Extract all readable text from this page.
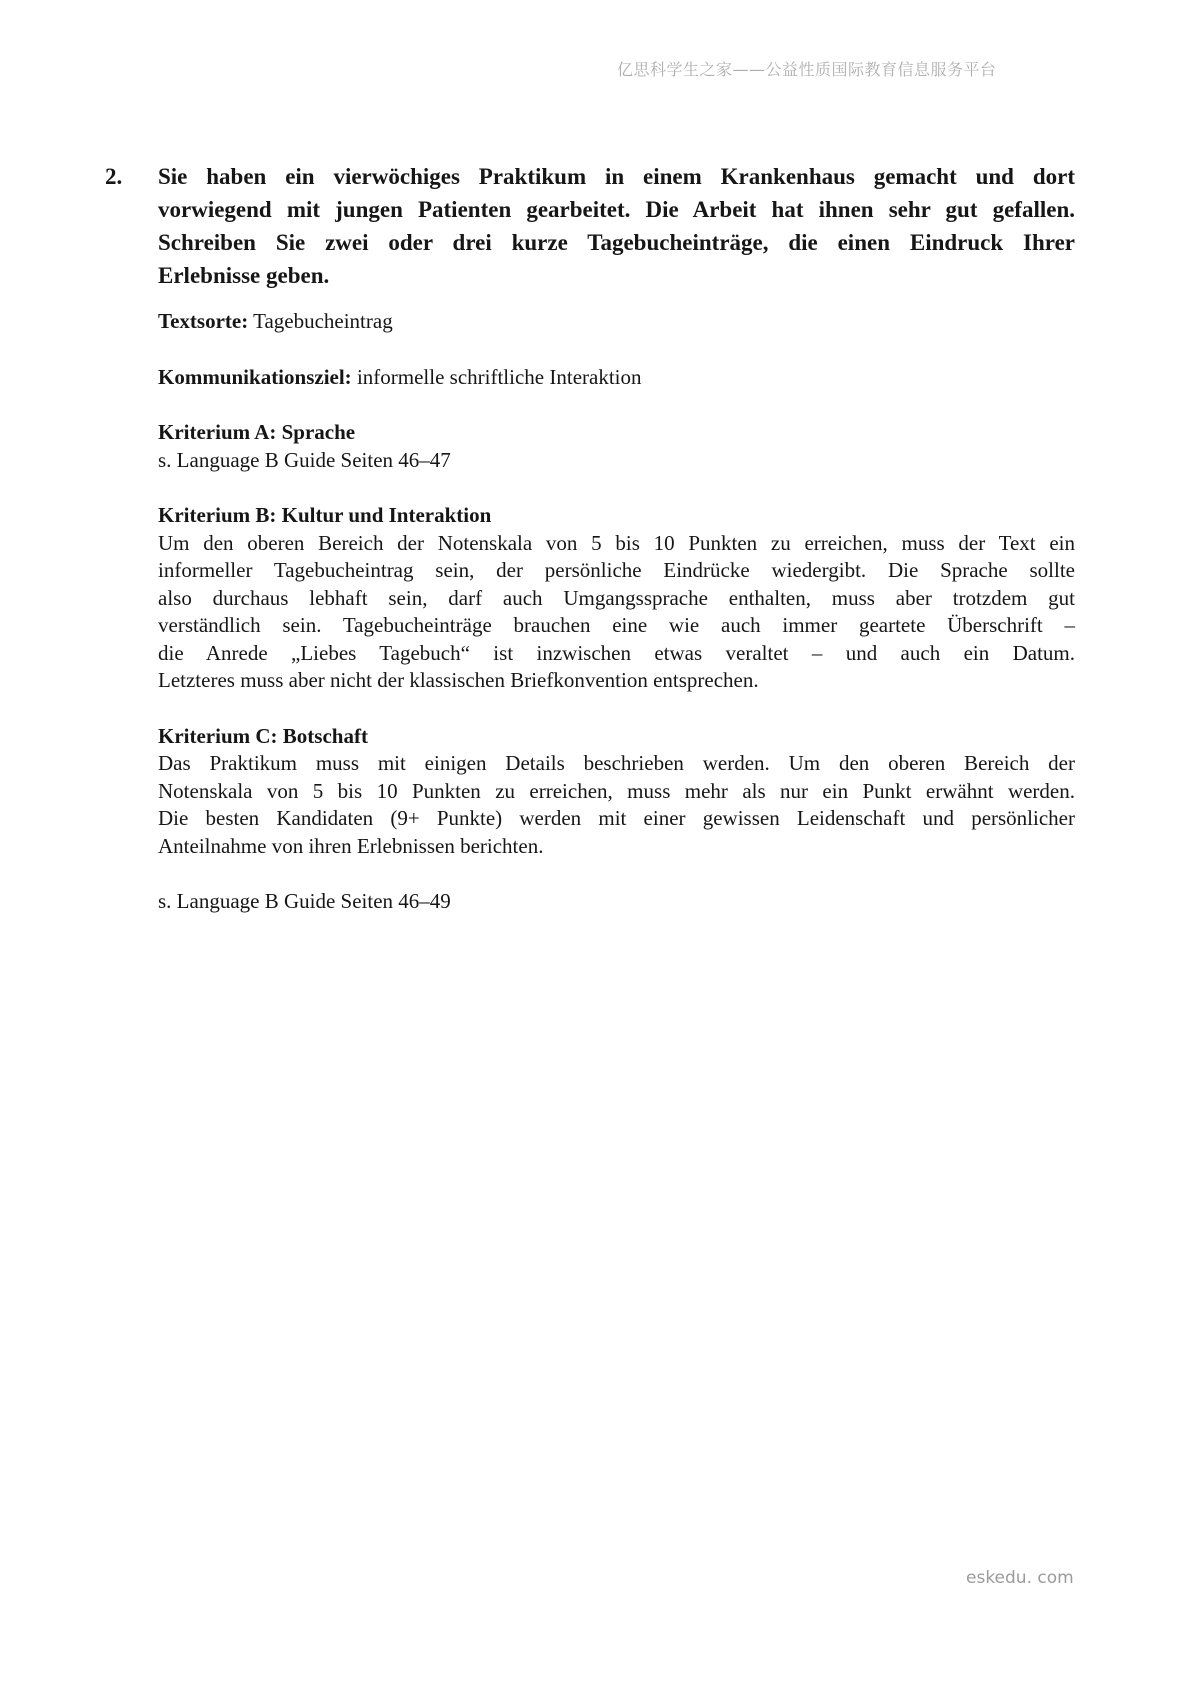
亿思科学生之家——公益性质国际教育信息服务平台
2.	Sie haben ein vierwöchiges Praktikum in einem Krankenhaus gemacht und dort
vorwiegend mit jungen Patienten gearbeitet. Die Arbeit hat ihnen sehr gut gefallen.
Schreiben Sie zwei oder drei kurze Tagebucheinträge, die einen Eindruck Ihrer
Erlebnisse geben.
Textsorte: Tagebucheintrag
Kommunikationsziel: informelle schriftliche Interaktion
Kriterium A: Sprache
s. Language B Guide Seiten 46–47
Kriterium B: Kultur und Interaktion
Um den oberen Bereich der Notenskala von 5 bis 10 Punkten zu erreichen, muss der Text ein
informeller Tagebucheintrag sein, der persönliche Eindrücke wiedergibt. Die Sprache sollte
also durchaus lebhaft sein, darf auch Umgangssprache enthalten, muss aber trotzdem gut
verständlich sein. Tagebucheinträge brauchen eine wie auch immer geartete Überschrift –
die Anrede „Liebes Tagebuch“ ist inzwischen etwas veraltet – und auch ein Datum.
Letzteres muss aber nicht der klassischen Briefkonvention entsprechen.
Kriterium C: Botschaft
Das Praktikum muss mit einigen Details beschrieben werden. Um den oberen Bereich der
Notenskala von 5 bis 10 Punkten zu erreichen, muss mehr als nur ein Punkt erwähnt werden.
Die besten Kandidaten (9+ Punkte) werden mit einer gewissen Leidenschaft und persönlicher
Anteilnahme von ihren Erlebnissen berichten.
s. Language B Guide Seiten 46–49
eskedu. com
